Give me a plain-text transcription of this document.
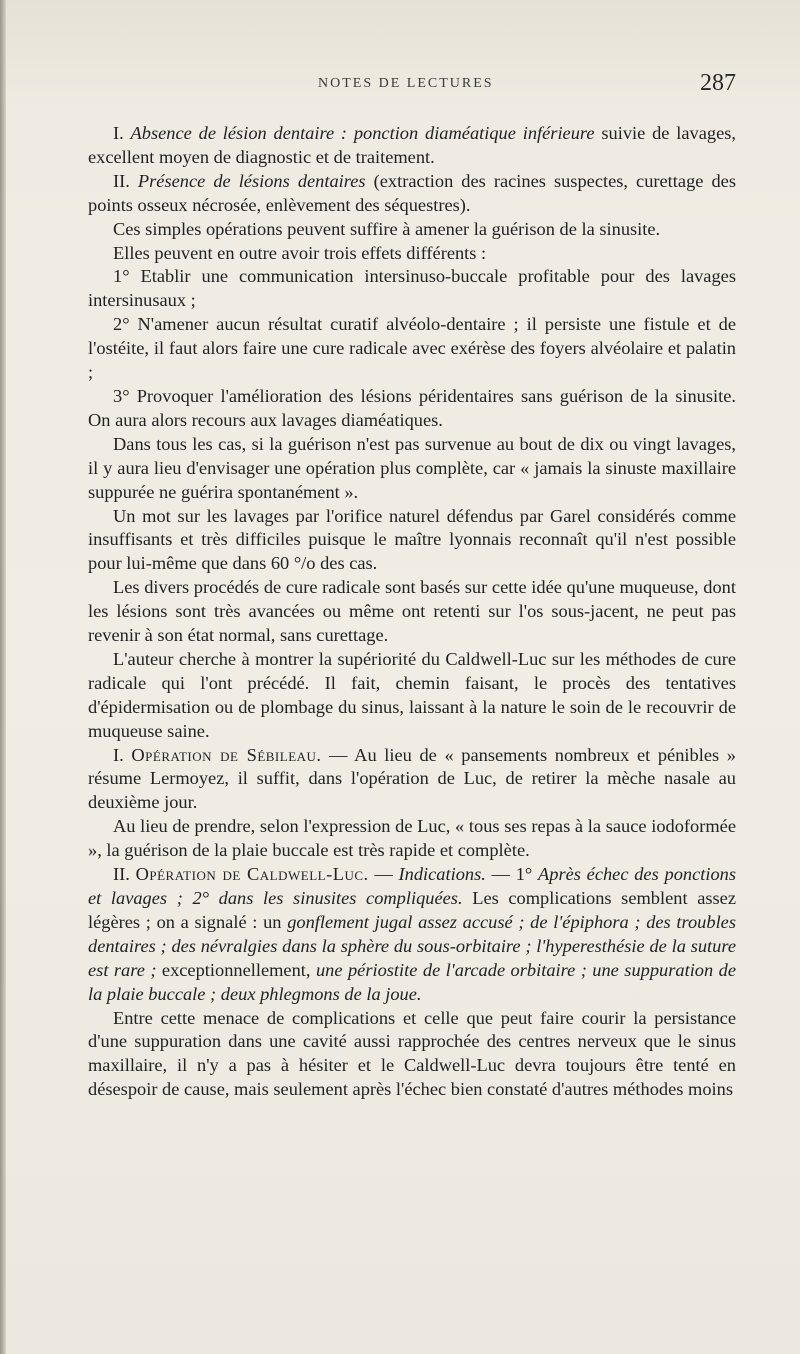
NOTES DE LECTURES	287

I. Absence de lésion dentaire : ponction diaméatique inférieure suivie de lavages, excellent moyen de diagnostic et de traitement.

II. Présence de lésions dentaires (extraction des racines suspectes, curettage des points osseux nécrosée, enlèvement des séquestres).

Ces simples opérations peuvent suffire à amener la guérison de la sinusite.

Elles peuvent en outre avoir trois effets différents :

1° Etablir une communication intersinuso-buccale profitable pour des lavages intersinusaux ;

2° N'amener aucun résultat curatif alvéolo-dentaire ; il persiste une fistule et de l'ostéite, il faut alors faire une cure radicale avec exérèse des foyers alvéolaire et palatin ;

3° Provoquer l'amélioration des lésions péridentaires sans guérison de la sinusite. On aura alors recours aux lavages diaméatiques.

Dans tous les cas, si la guérison n'est pas survenue au bout de dix ou vingt lavages, il y aura lieu d'envisager une opération plus complète, car « jamais la sinuste maxillaire suppurée ne guérira spontanément ».

Un mot sur les lavages par l'orifice naturel défendus par Garel considérés comme insuffisants et très difficiles puisque le maître lyonnais reconnaît qu'il n'est possible pour lui-même que dans 60 °/o des cas.

Les divers procédés de cure radicale sont basés sur cette idée qu'une muqueuse, dont les lésions sont très avancées ou même ont retenti sur l'os sous-jacent, ne peut pas revenir à son état normal, sans curettage.

L'auteur cherche à montrer la supériorité du Caldwell-Luc sur les méthodes de cure radicale qui l'ont précédé. Il fait, chemin faisant, le procès des tentatives d'épidermisation ou de plombage du sinus, laissant à la nature le soin de le recouvrir de muqueuse saine.

I. Opération de Sébileau. — Au lieu de « pansements nombreux et pénibles » résume Lermoyez, il suffit, dans l'opération de Luc, de retirer la mèche nasale au deuxième jour.

Au lieu de prendre, selon l'expression de Luc, « tous ses repas à la sauce iodoformée », la guérison de la plaie buccale est très rapide et complète.

II. Opération de Caldwell-Luc. — Indications. — 1° Après échec des ponctions et lavages ; 2° dans les sinusites compliquées. Les complications semblent assez légères ; on a signalé : un gonflement jugal assez accusé ; de l'épiphora ; des troubles dentaires ; des névralgies dans la sphère du sous-orbitaire ; l'hyperesthésie de la suture est rare ; exceptionnellement, une périostite de l'arcade orbitaire ; une suppuration de la plaie buccale ; deux phlegmons de la joue.

Entre cette menace de complications et celle que peut faire courir la persistance d'une suppuration dans une cavité aussi rapprochée des centres nerveux que le sinus maxillaire, il n'y a pas à hésiter et le Caldwell-Luc devra toujours être tenté en désespoir de cause, mais seulement après l'échec bien constaté d'autres méthodes moins
